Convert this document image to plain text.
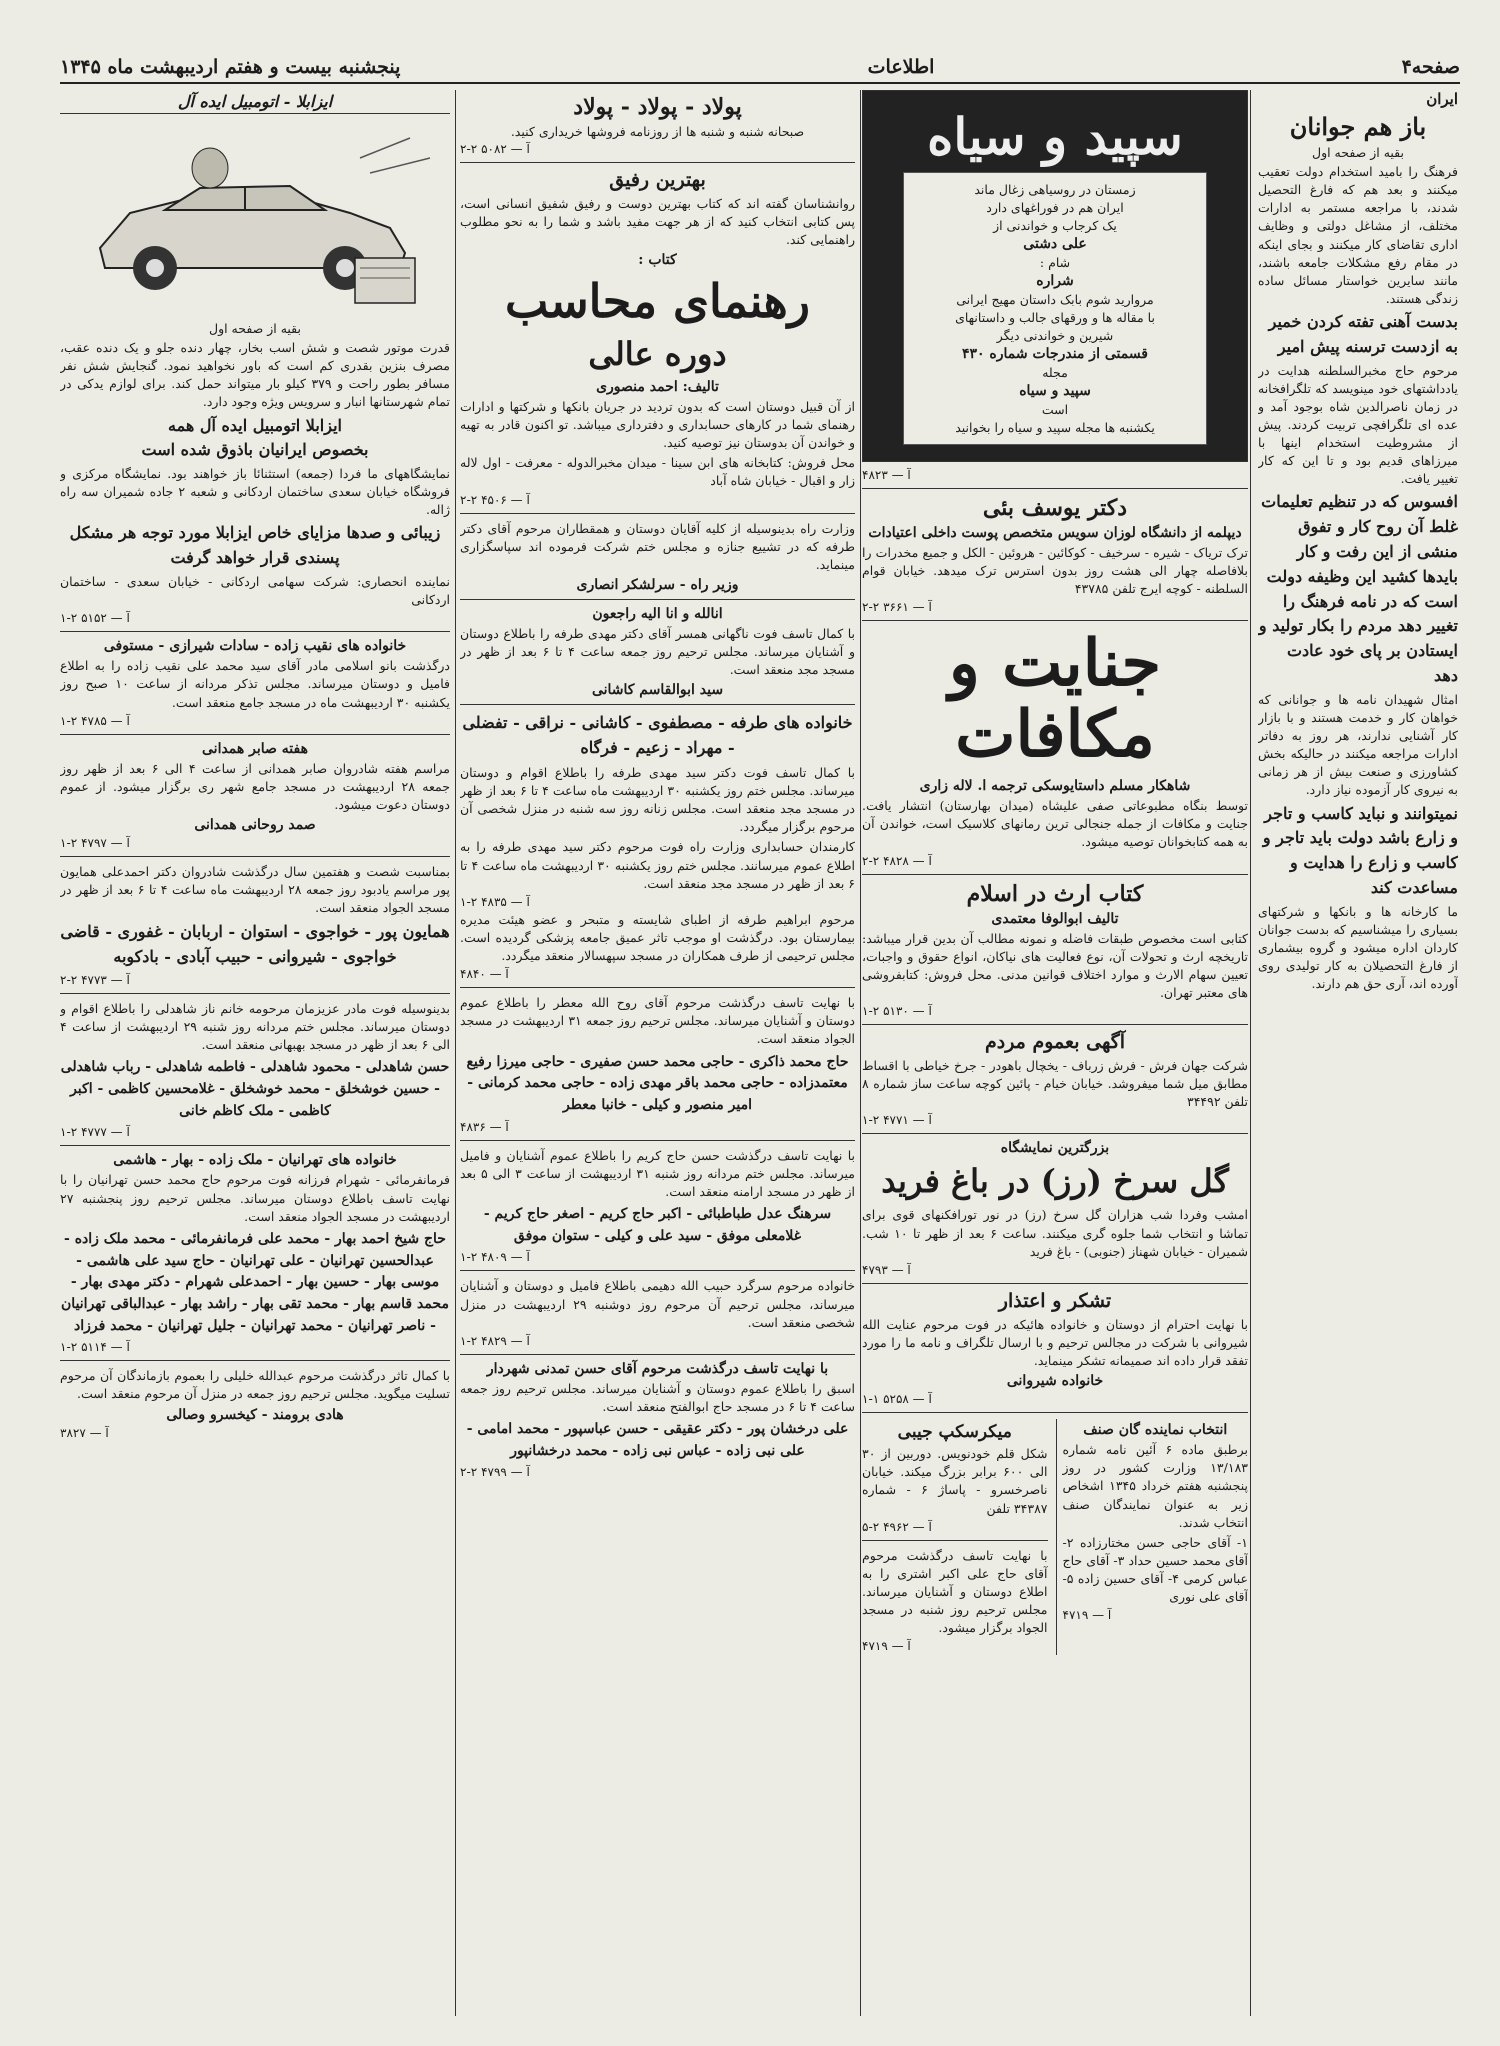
صفحه۴
اطلاعات
پنجشنبه بیست و هفتم اردیبهشت ماه ۱۳۴۵
ایران
باز هم جوانان
بقیه از صفحه اول

فرهنگ را بامید استخدام دولت تعقیب میکنند و بعد هم که فارغ التحصیل شدند، با مراجعه مستمر به ادارات مختلف، از مشاغل دولتی و وظایف اداری تقاضای کار میکنند و بجای اینکه در مقام رفع مشکلات جامعه باشند، مانند سایرین خواستار مسائل ساده زندگی هستند.

بدست آهنی تفته کردن خمیر
به ازدست ترسنه پیش امیر

مرحوم حاج مخبرالسلطنه هدایت در یادداشتهای خود مینویسد که تلگرافخانه در زمان ناصرالدین شاه بوجود آمد و عده ای تلگرافچی تربیت کردند. پیش از مشروطیت استخدام اینها با میرزاهای قدیم بود و تا این که کار تغییر یافت.

افسوس که در تنظیم تعلیمات غلط آن روح کار و تفوق منشی از این رفت و کار بایدها کشید این وظیفه دولت است که در نامه فرهنگ را تغییر دهد مردم را بکار تولید و ایستادن بر پای خود عادت دهد

امثال شهیدان نامه ها و جوانانی که خواهان کار و خدمت هستند و با بازار کار آشنایی ندارند، هر روز به دفاتر ادارات مراجعه میکنند در حالیکه بخش کشاورزی و صنعت بیش از هر زمانی به نیروی کار آزموده نیاز دارد.

نمیتوانند و نباید کاسب و تاجر و زارع باشد دولت باید تاجر و کاسب و زارع را هدایت و مساعدت کند

ما کارخانه ها و بانکها و شرکتهای بسیاری را میشناسیم که بدست جوانان کاردان اداره میشود و گروه بیشماری از فارغ التحصیلان به کار تولیدی روی آورده اند، آری حق هم دارند.

سپید و سیاه
زمستان در روسیاهی زغال ماند
ایران هم در فوراغهای دارد
یک کرجاب و خواندنی از
علی دشتی
شام :
شراره
مروارید شوم بابک داستان مهیج ایرانی
با مقاله ها و ورقهای جالب و داستانهای
شیرین و خواندنی دیگر
قسمتی از مندرجات شماره ۴۳۰
مجله
سپید و سیاه
است
یکشنبه ها مجله سپید و سیاه را بخوانید
آ — ۴۸۲۳
دکتر یوسف بئی
دیپلمه از دانشگاه لوزان سویس متخصص پوست داخلی اعتیادات

ترک تریاک - شیره - سرخیف - کوکائین - هروئین - الکل و جمیع مخدرات را بلافاصله چهار الی هشت روز بدون استرس ترک میدهد. خیابان قوام السلطنه - کوچه ایرج تلفن ۴۳۷۸۵

آ — ۳۶۶۱ ۲-۲
جنایت و مکافات
شاهکار مسلم داستایوسکی ترجمه ا. لاله زاری

توسط بنگاه مطبوعاتی صفی علیشاه (میدان بهارستان) انتشار یافت. جنایت و مکافات از جمله جنجالی ترین رمانهای کلاسیک است، خواندن آن به همه کتابخوانان توصیه میشود.

آ — ۴۸۲۸ ۲-۲
کتاب ارث در اسلام
تالیف ابوالوفا معتمدی

کتابی است مخصوص طبقات فاضله و نمونه مطالب آن بدین قرار میباشد: تاریخچه ارث و تحولات آن، نوع فعالیت های نیاکان، انواع حقوق و واجبات، تعیین سهام الارث و موارد اختلاف قوانین مدنی. محل فروش: کتابفروشی های معتبر تهران.

آ — ۵۱۳۰ ۲-۱
آگهی بعموم مردم

شرکت جهان فرش - فرش زرباف - یخچال باهودر - جرخ خیاطی با اقساط مطابق میل شما میفروشد. خیابان خیام - پائین کوچه ساعت ساز شماره ۸ تلفن ۳۴۴۹۲

آ — ۴۷۷۱ ۲-۱
بزرگترین نمایشگاه
گل سرخ (رز) در باغ فرید

امشب وفردا شب هزاران گل سرخ (رز) در نور تورافکنهای قوی برای تماشا و انتخاب شما جلوه گری میکنند. ساعت ۶ بعد از ظهر تا ۱۰ شب. شمیران - خیابان شهناز (جنوبی) - باغ فرید

آ — ۴۷۹۳
تشکر و اعتذار

با نهایت احترام از دوستان و خانواده هائیکه در فوت مرحوم عنایت الله شیروانی با شرکت در مجالس ترحیم و با ارسال تلگراف و نامه ما را مورد تفقد قرار داده اند صمیمانه تشکر مینماید.

خانواده شیروانی
آ — ۵۲۵۸ ۱-۱
انتخاب نماینده گان صنف

برطبق ماده ۶ آئین نامه شماره ۱۳/۱۸۳ وزارت کشور در روز پنجشنبه هفتم خرداد ۱۳۴۵ اشخاص زیر به عنوان نمایندگان صنف انتخاب شدند.

۱- آقای حاجی حسن مختارزاده ۲- آقای محمد حسین حداد ۳- آقای حاج عباس کرمی ۴- آقای حسین زاده ۵- آقای علی نوری

آ — ۴۷۱۹
میکرسکپ جیبی

شکل قلم خودنویس. دوربین از ۳۰ الی ۶۰۰ برابر بزرگ میکند. خیابان ناصرخسرو - پاساژ ۶ - شماره ۳۴۳۸۷ تلفن

آ — ۴۹۶۲ ۲-۵

با نهایت تاسف درگذشت مرحوم آقای حاج علی اکبر اشتری را به اطلاع دوستان و آشنایان میرساند. مجلس ترحیم روز شنبه در مسجد الجواد برگزار میشود.

آ — ۴۷۱۹
پولاد - پولاد - پولاد
صبحانه شنبه و شنبه ها از روزنامه فروشها خریداری کنید.
آ — ۵۰۸۲ ۲-۲
بهترین رفیق

روانشناسان گفته اند که کتاب بهترین دوست و رفیق شفیق انسانی است، پس کتابی انتخاب کنید که از هر جهت مفید باشد و شما را به نحو مطلوب راهنمایی کند.

کتاب :
رهنمای محاسب
دوره عالی
تالیف: احمد منصوری

از آن قبیل دوستان است که بدون تردید در جریان بانکها و شرکتها و ادارات رهنمای شما در کارهای حسابداری و دفترداری میباشد. تو اکنون قادر به تهیه و خواندن آن بدوستان نیز توصیه کنید.

محل فروش: کتابخانه های ابن سینا - میدان مخبرالدوله - معرفت - اول لاله زار و اقبال - خیابان شاه آباد

آ — ۴۵۰۶ ۲-۲

وزارت راه بدینوسیله از کلیه آقایان دوستان و همقطاران مرحوم آقای دکتر طرفه که در تشییع جنازه و مجلس ختم شرکت فرموده اند سپاسگزاری مینماید.

وزیر راه - سرلشکر انصاری
انالله و انا الیه راجعون

با کمال تاسف فوت ناگهانی همسر آقای دکتر مهدی طرفه را باطلاع دوستان و آشنایان میرساند. مجلس ترحیم روز جمعه ساعت ۴ تا ۶ بعد از ظهر در مسجد مجد منعقد است.

سید ابوالقاسم کاشانی
خانواده های طرفه - مصطفوی - کاشانی - نراقی - تفضلی - مهراد - زعیم - فرگاه

با کمال تاسف فوت دکتر سید مهدی طرفه را باطلاع اقوام و دوستان میرساند. مجلس ختم روز یکشنبه ۳۰ اردیبهشت ماه ساعت ۴ تا ۶ بعد از ظهر در مسجد مجد منعقد است. مجلس زنانه روز سه شنبه در منزل شخصی آن مرحوم برگزار میگردد.

کارمندان حسابداری وزارت راه فوت مرحوم دکتر سید مهدی طرفه را به اطلاع عموم میرسانند. مجلس ختم روز یکشنبه ۳۰ اردیبهشت ماه ساعت ۴ تا ۶ بعد از ظهر در مسجد مجد منعقد است.

آ — ۴۸۳۵ ۲-۱

مرحوم ابراهیم طرفه از اطبای شایسته و متبحر و عضو هیئت مدیره بیمارستان بود. درگذشت او موجب تاثر عمیق جامعه پزشکی گردیده است. مجلس ترحیمی از طرف همکاران در مسجد سپهسالار منعقد میگردد.

آ — ۴۸۴۰

با نهایت تاسف درگذشت مرحوم آقای روح الله معطر را باطلاع عموم دوستان و آشنایان میرساند. مجلس ترحیم روز جمعه ۳۱ اردیبهشت در مسجد الجواد منعقد است.

حاج محمد ذاکری - حاجی محمد حسن صفیری - حاجی میرزا رفیع معتمدزاده - حاجی محمد باقر مهدی زاده - حاجی محمد کرمانی - امیر منصور و کیلی - خانبا معطر
آ — ۴۸۳۶

با نهایت تاسف درگذشت حسن حاج کریم را باطلاع عموم آشنایان و فامیل میرساند. مجلس ختم مردانه روز شنبه ۳۱ اردیبهشت از ساعت ۳ الی ۵ بعد از ظهر در مسجد ارامنه منعقد است.

سرهنگ عدل طباطبائی - اکبر حاج کریم - اصغر حاج کریم - غلامعلی موفق - سید علی و کیلی - ستوان موفق
آ — ۴۸۰۹ ۲-۱

خانواده مرحوم سرگرد حبیب الله دهیمی باطلاع فامیل و دوستان و آشنایان میرساند، مجلس ترحیم آن مرحوم روز دوشنبه ۲۹ اردیبهشت در منزل شخصی منعقد است.

آ — ۴۸۲۹ ۲-۱
با نهایت تاسف درگذشت مرحوم آقای حسن تمدنی شهردار

اسبق را باطلاع عموم دوستان و آشنایان میرساند. مجلس ترحیم روز جمعه ساعت ۴ تا ۶ در مسجد حاج ابوالفتح منعقد است.

علی درخشان پور - دکتر عقیقی - حسن عباسپور - محمد امامی - علی نبی زاده - عباس نبی زاده - محمد درخشانپور
آ — ۴۷۹۹ ۲-۲
ایزابلا - اتومبیل ایده آل
بقیه از صفحه اول

قدرت موتور شصت و شش اسب بخار، چهار دنده جلو و یک دنده عقب، مصرف بنزین بقدری کم است که باور نخواهید نمود. گنجایش شش نفر مسافر بطور راحت و ۳۷۹ کیلو بار میتواند حمل کند. برای لوازم یدکی در تمام شهرستانها انبار و سرویس ویژه وجود دارد.

ایزابلا اتومبیل ایده آل همه
بخصوص ایرانیان باذوق شده است

نمایشگاههای ما فردا (جمعه) استثنائا باز خواهند بود. نمایشگاه مرکزی و فروشگاه خیابان سعدی ساختمان اردکانی و شعبه ۲ جاده شمیران سه راه ژاله.

زیبائی و صدها مزایای خاص ایزابلا مورد توجه هر مشکل پسندی قرار خواهد گرفت

نماینده انحصاری: شرکت سهامی اردکانی - خیابان سعدی - ساختمان اردکانی

آ — ۵۱۵۲ ۲-۱
خانواده های نقیب زاده - سادات شیرازی - مستوفی

درگذشت بانو اسلامی مادر آقای سید محمد علی نقیب زاده را به اطلاع فامیل و دوستان میرساند. مجلس تذکر مردانه از ساعت ۱۰ صبح روز یکشنبه ۳۰ اردیبهشت ماه در مسجد جامع منعقد است.

آ — ۴۷۸۵ ۲-۱
هفته صابر همدانی

مراسم هفته شادروان صابر همدانی از ساعت ۴ الی ۶ بعد از ظهر روز جمعه ۲۸ اردیبهشت در مسجد جامع شهر ری برگزار میشود. از عموم دوستان دعوت میشود.

صمد روحانی همدانی
آ — ۴۷۹۷ ۲-۱

بمناسبت شصت و هفتمین سال درگذشت شادروان دکتر احمدعلی همایون پور مراسم یادبود روز جمعه ۲۸ اردیبهشت ماه ساعت ۴ تا ۶ بعد از ظهر در مسجد الجواد منعقد است.

همایون پور - خواجوی - استوان - اربابان - غفوری - قاضی خواجوی - شیروانی - حبیب آبادی - بادکوبه
آ — ۴۷۷۳ ۲-۲

بدینوسیله فوت مادر عزیزمان مرحومه خانم ناز شاهدلی را باطلاع اقوام و دوستان میرساند. مجلس ختم مردانه روز شنبه ۲۹ اردیبهشت از ساعت ۴ الی ۶ بعد از ظهر در مسجد بهبهانی منعقد است.

حسن شاهدلی - محمود شاهدلی - فاطمه شاهدلی - رباب شاهدلی - حسین خوشخلق - محمد خوشخلق - غلامحسین کاظمی - اکبر کاظمی - ملک کاظم خانی
آ — ۴۷۷۷ ۲-۱
خانواده های تهرانیان - ملک زاده - بهار - هاشمی

فرمانفرمائی - شهرام فرزانه فوت مرحوم حاج محمد حسن تهرانیان را با نهایت تاسف باطلاع دوستان میرساند. مجلس ترحیم روز پنجشنبه ۲۷ اردیبهشت در مسجد الجواد منعقد است.

حاج شیخ احمد بهار - محمد علی فرمانفرمائی - محمد ملک زاده - عبدالحسین تهرانیان - علی تهرانیان - حاج سید علی هاشمی - موسی بهار - حسین بهار - احمدعلی شهرام - دکتر مهدی بهار - محمد قاسم بهار - محمد تقی بهار - راشد بهار - عبدالباقی تهرانیان - ناصر تهرانیان - محمد تهرانیان - جلیل تهرانیان - محمد فرزاد
آ — ۵۱۱۴ ۲-۱

با کمال تاثر درگذشت مرحوم عبدالله خلیلی را بعموم بازماندگان آن مرحوم تسلیت میگوید. مجلس ترحیم روز جمعه در منزل آن مرحوم منعقد است.

هادی برومند - کیخسرو وصالی
آ — ۳۸۲۷
